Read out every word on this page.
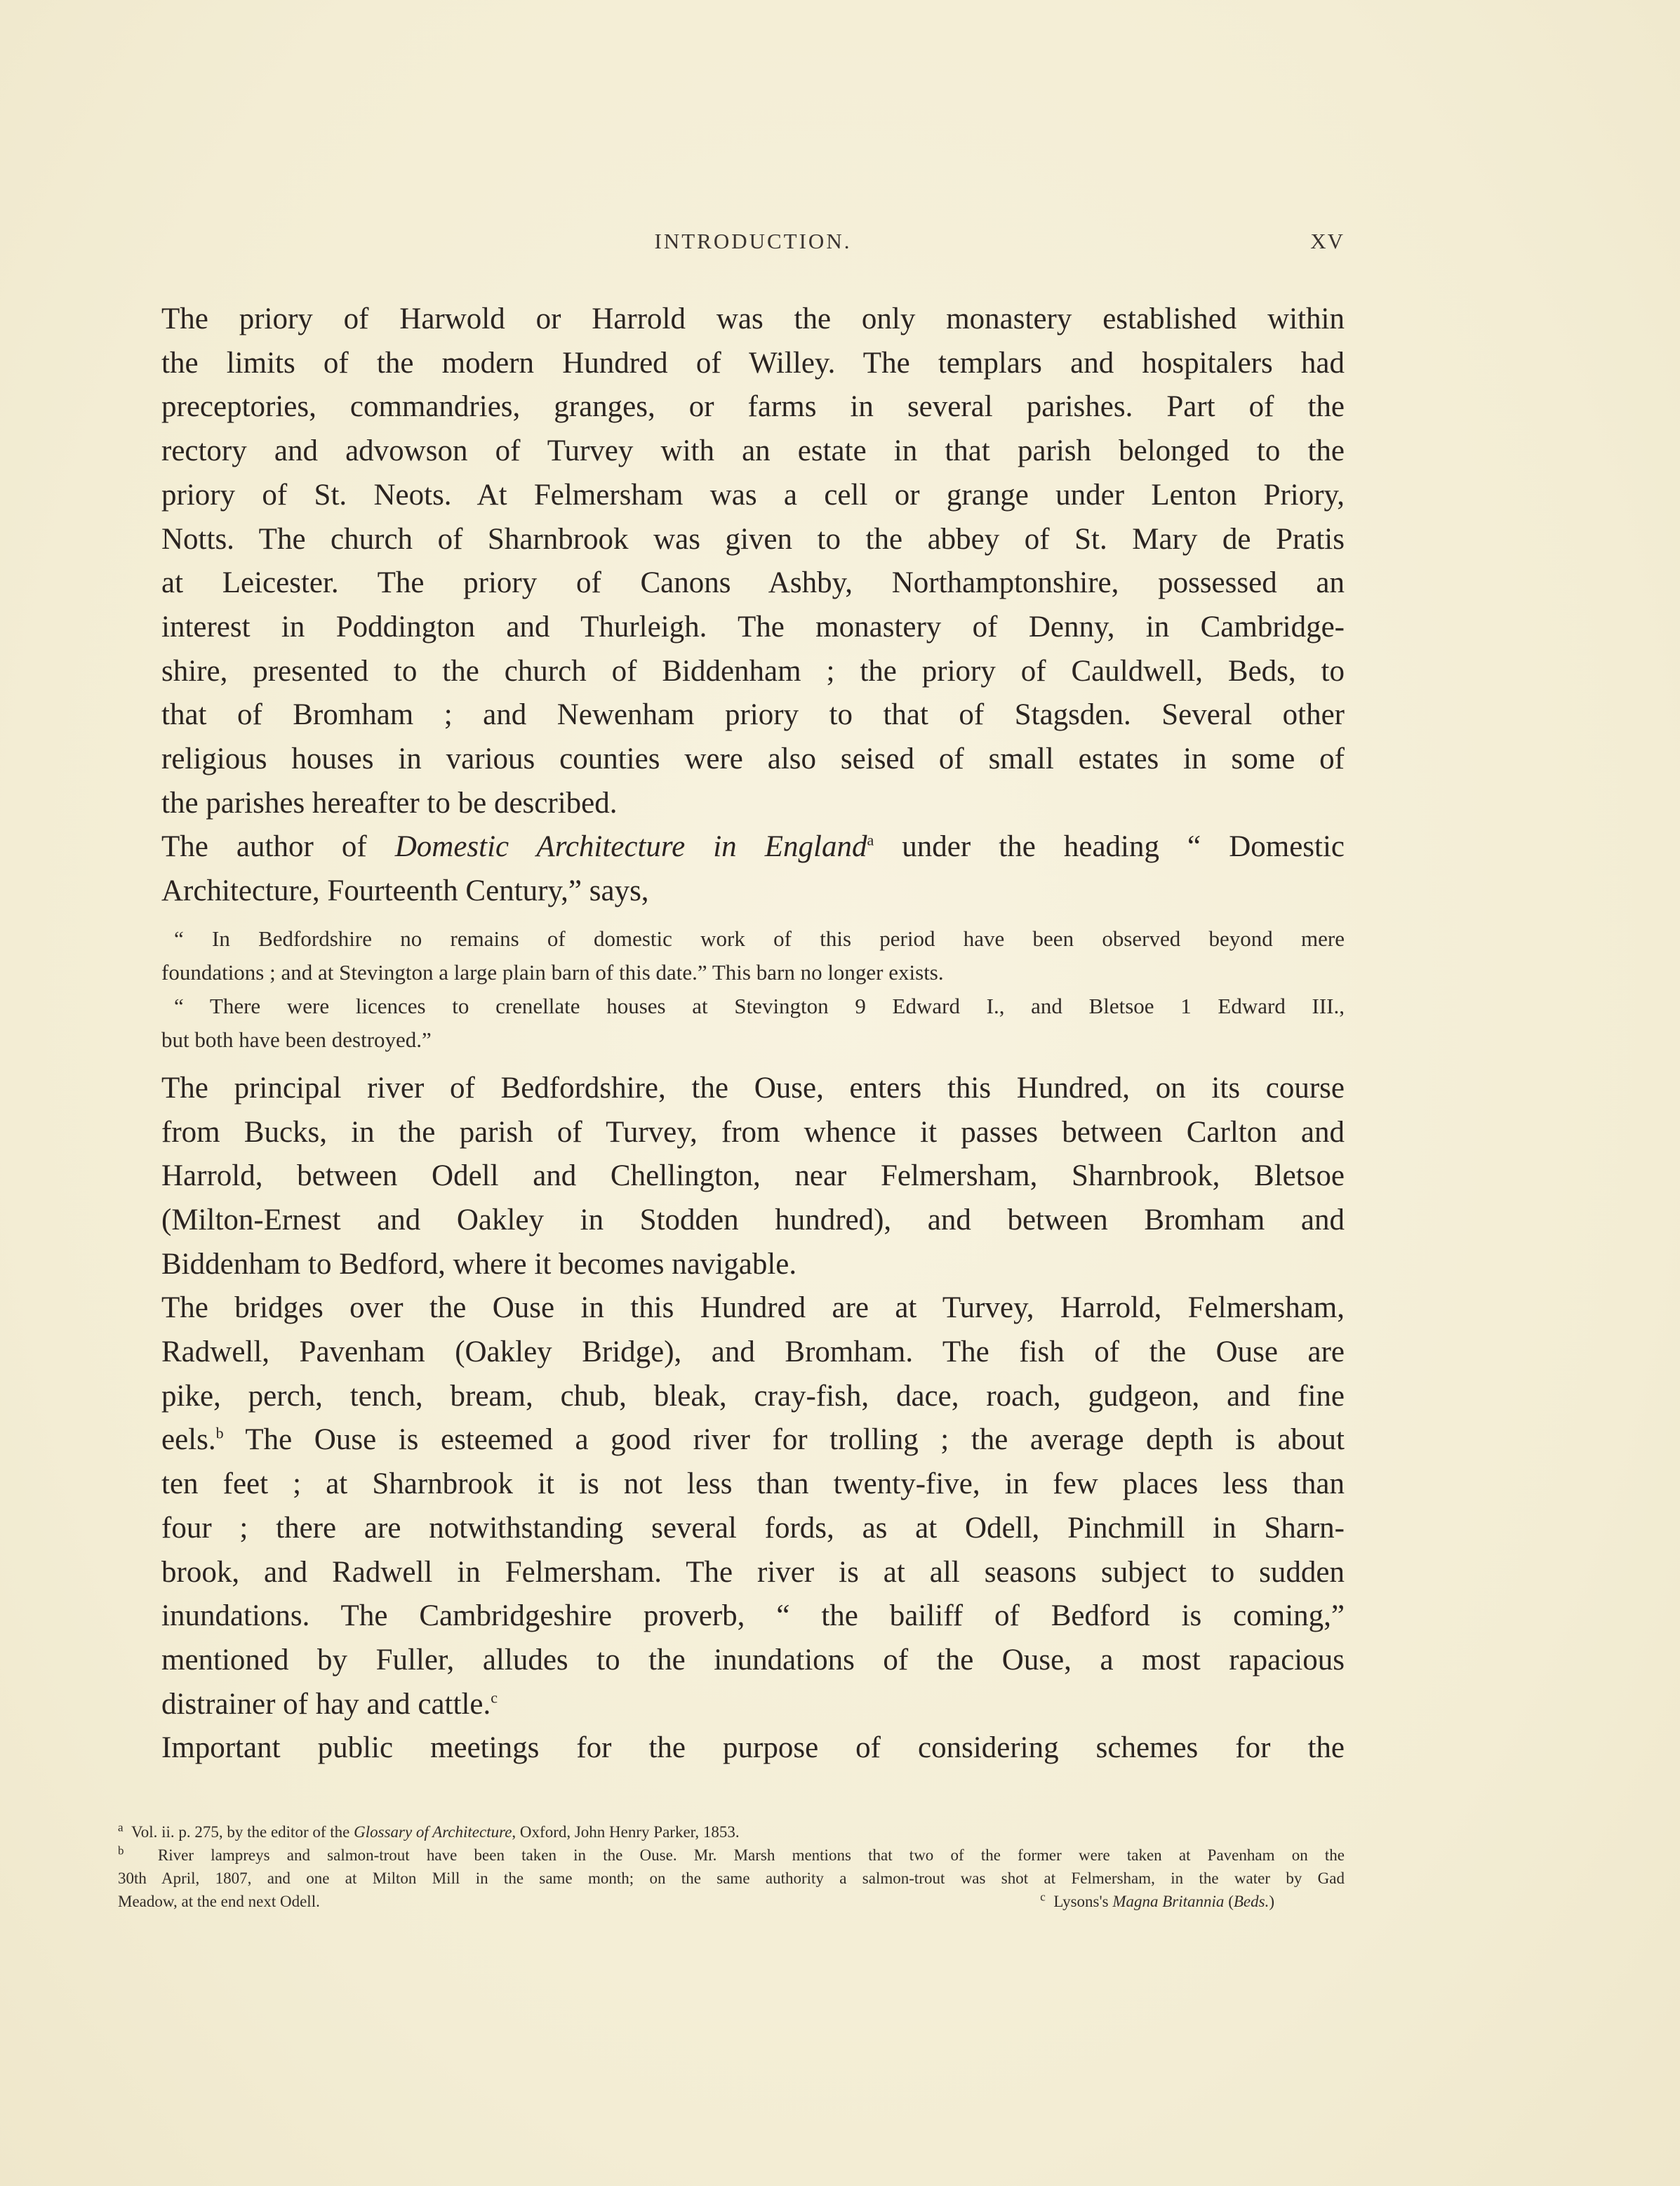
INTRODUCTION.	XV

The priory of Harwold or Harrold was the only monastery established within
the limits of the modern Hundred of Willey. The templars and hospitalers had
preceptories, commandries, granges, or farms in several parishes. Part of the
rectory and advowson of Turvey with an estate in that parish belonged to the
priory of St. Neots. At Felmersham was a cell or grange under Lenton Priory,
Notts. The church of Sharnbrook was given to the abbey of St. Mary de Pratis
at Leicester. The priory of Canons Ashby, Northamptonshire, possessed an
interest in Poddington and Thurleigh. The monastery of Denny, in Cambridge-
shire, presented to the church of Biddenham ; the priory of Cauldwell, Beds, to
that of Bromham ; and Newenham priory to that of Stagsden. Several other
religious houses in various counties were also seised of small estates in some of
the parishes hereafter to be described.

The author of Domestic Architecture in England$^a$ under the heading “ Domestic
Architecture, Fourteenth Century,” says,

“ In Bedfordshire no remains of domestic work of this period have been observed beyond mere
foundations ; and at Stevington a large plain barn of this date.” This barn no longer exists.
“ There were licences to crenellate houses at Stevington 9 Edward I., and Bletsoe 1 Edward III.,
but both have been destroyed.”

The principal river of Bedfordshire, the Ouse, enters this Hundred, on its course
from Bucks, in the parish of Turvey, from whence it passes between Carlton and
Harrold, between Odell and Chellington, near Felmersham, Sharnbrook, Bletsoe
(Milton-Ernest and Oakley in Stodden hundred), and between Bromham and
Biddenham to Bedford, where it becomes navigable.

The bridges over the Ouse in this Hundred are at Turvey, Harrold, Felmersham,
Radwell, Pavenham (Oakley Bridge), and Bromham. The fish of the Ouse are
pike, perch, tench, bream, chub, bleak, cray-fish, dace, roach, gudgeon, and fine
eels.$^b$ The Ouse is esteemed a good river for trolling ; the average depth is about
ten feet ; at Sharnbrook it is not less than twenty-five, in few places less than
four ; there are notwithstanding several fords, as at Odell, Pinchmill in Sharn-
brook, and Radwell in Felmersham. The river is at all seasons subject to sudden
inundations. The Cambridgeshire proverb, “ the bailiff of Bedford is coming,”
mentioned by Fuller, alludes to the inundations of the Ouse, a most rapacious
distrainer of hay and cattle.$^c$

Important public meetings for the purpose of considering schemes for the

$^a$ Vol. ii. p. 275, by the editor of the Glossary of Architecture, Oxford, John Henry Parker, 1853.
$^b$ River lampreys and salmon-trout have been taken in the Ouse. Mr. Marsh mentions that two of the former were taken at Pavenham on the
30th April, 1807, and one at Milton Mill in the same month; on the same authority a salmon-trout was shot at Felmersham, in the water by Gad
Meadow, at the end next Odell.	$^c$ Lysons's Magna Britannia (Beds.)
